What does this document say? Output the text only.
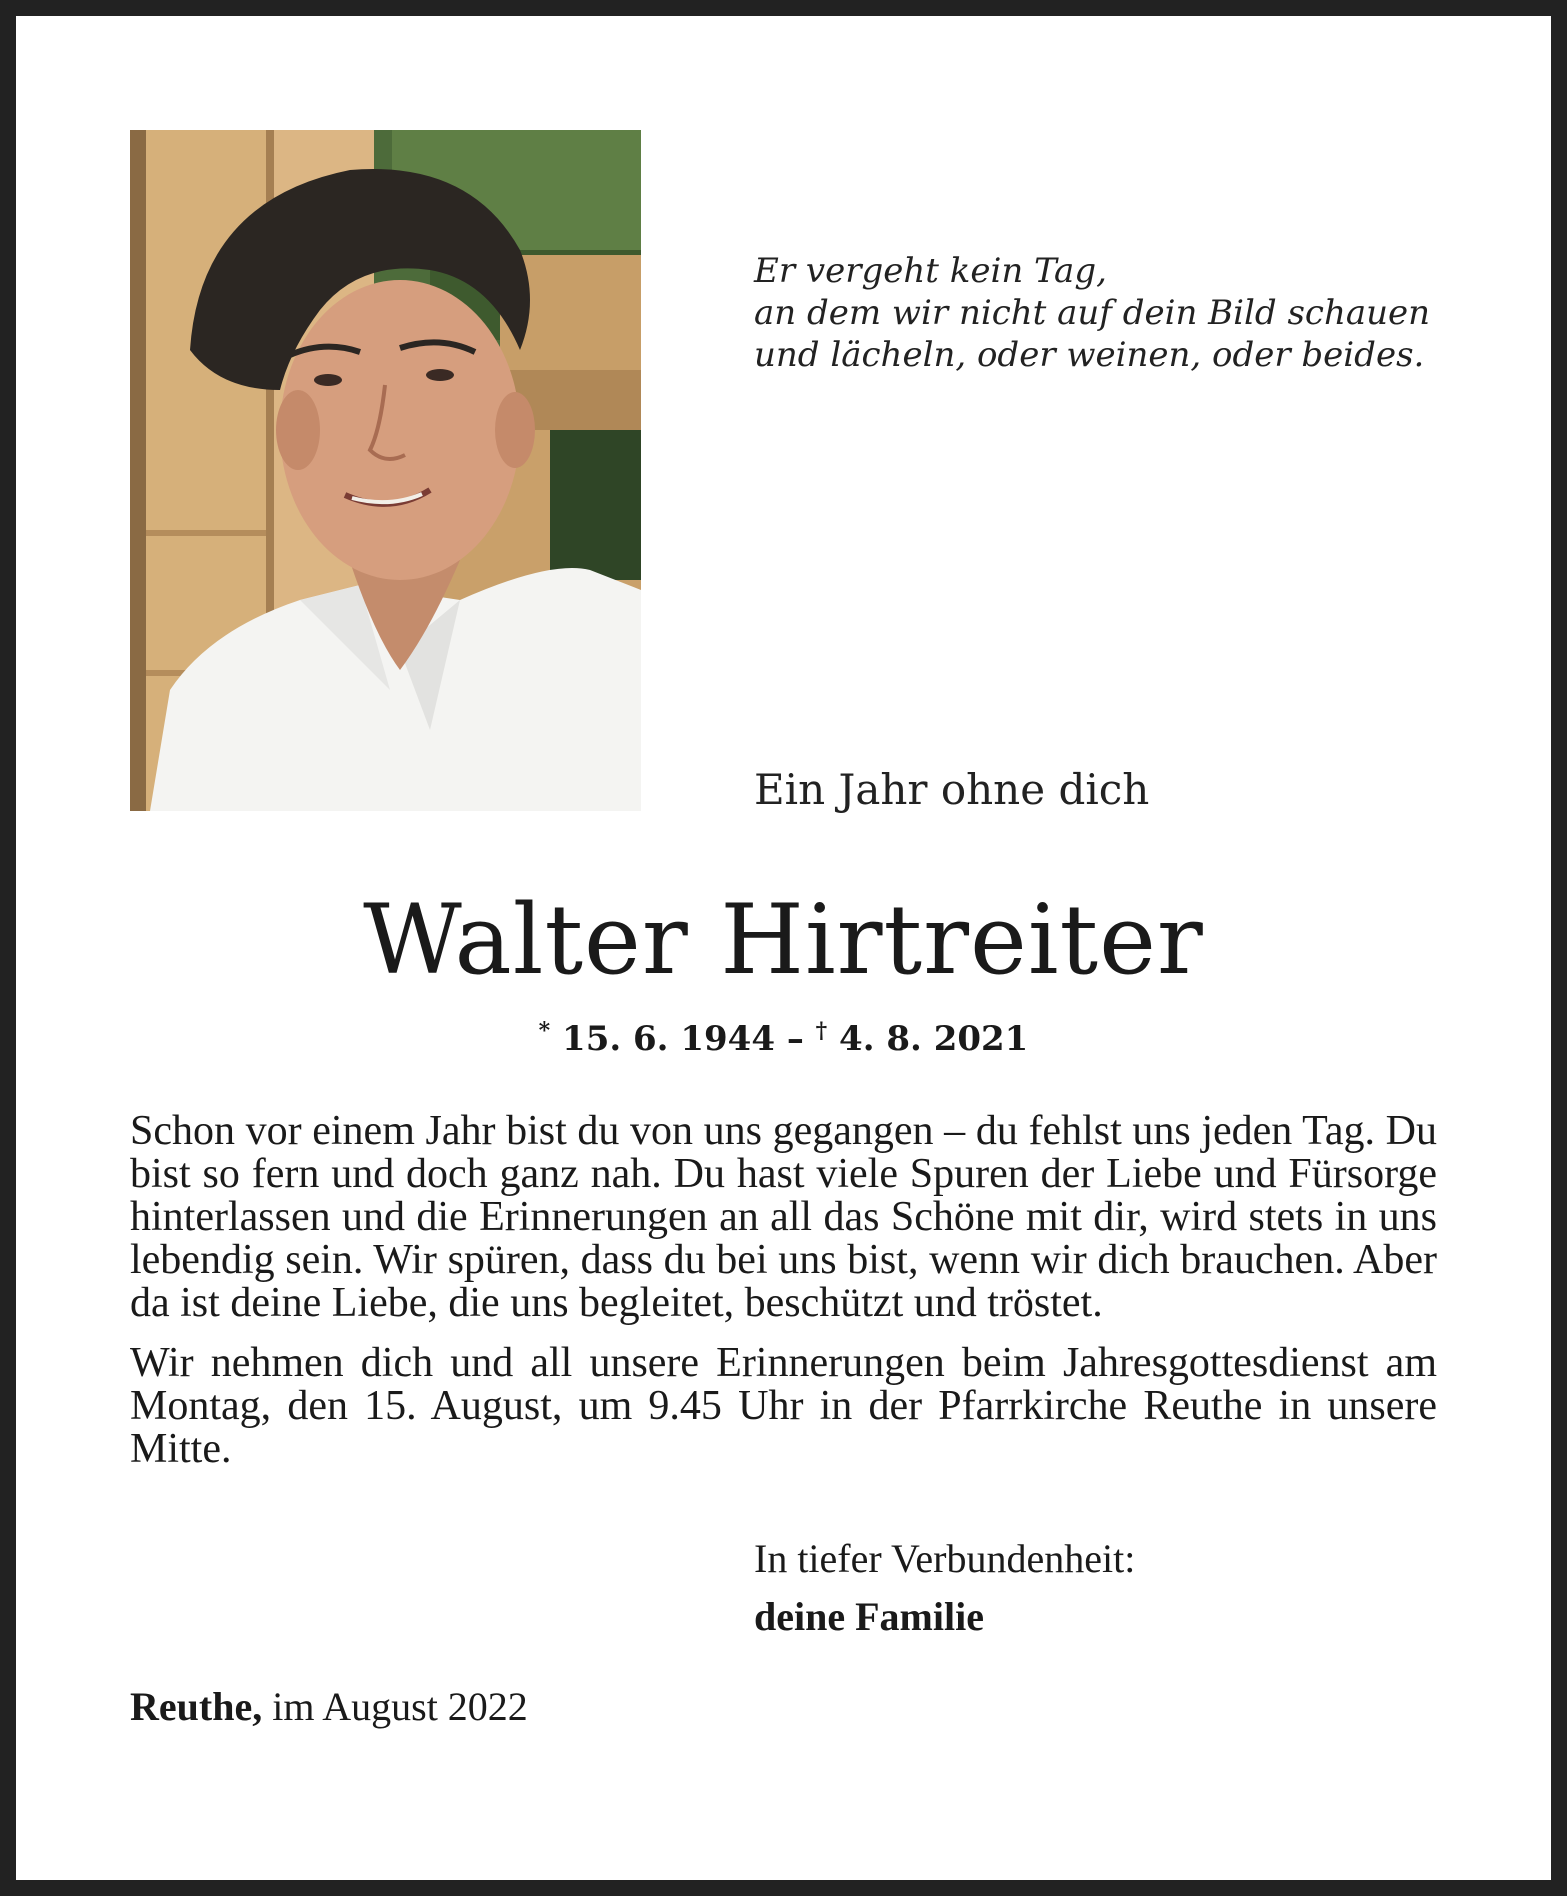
Er vergeht kein Tag,
an dem wir nicht auf dein Bild schauen
und lächeln, oder weinen, oder beides.
Ein Jahr ohne dich
Walter Hirtreiter
* 15. 6. 1944 – † 4. 8. 2021
Schon vor einem Jahr bist du von uns gegangen – du fehlst uns jeden Tag. Du
bist so fern und doch ganz nah. Du hast viele Spuren der Liebe und Fürsorge
hinterlassen und die Erinnerungen an all das Schöne mit dir, wird stets in uns
lebendig sein. Wir spüren, dass du bei uns bist, wenn wir dich brauchen. Aber
da ist deine Liebe, die uns begleitet, beschützt und tröstet.
Wir nehmen dich und all unsere Erinnerungen beim Jahresgottesdienst am
Montag, den 15. August, um 9.45 Uhr in der Pfarrkirche Reuthe in unsere
Mitte.
In tiefer Verbundenheit:
deine Familie
Reuthe, im August 2022
